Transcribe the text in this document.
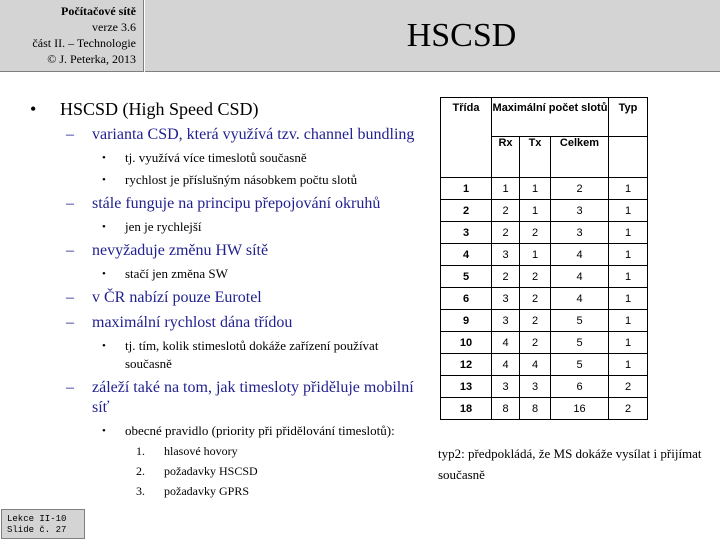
Počítačové sítě
verze 3.6
část II. – Technologie
© J. Peterka, 2013
HSCSD
• HSCSD (High Speed CSD)
– varianta CSD, která využívá tzv. channel bundling
• tj. využívá více timeslotů současně
• rychlost je příslušným násobkem počtu slotů
– stále funguje na principu přepojování okruhů
• jen je rychlejší
– nevyžaduje změnu HW sítě
• stačí jen změna SW
– v ČR nabízí pouze Eurotel
– maximální rychlost dána třídou
• tj. tím, kolik stimeslotů dokáže zařízení používat současně
– záleží také na tom, jak timesloty přiděluje mobilní síť
• obecné pravidlo (priority při přidělování timeslotů):
1. hlasové hovory
2. požadavky HSCSD
3. požadavky GPRS
Třída	Maximální počet slotů			Typ
	Rx	Tx	Celkem	
1	1	1	2	1
2	2	1	3	1
3	2	2	3	1
4	3	1	4	1
5	2	2	4	1
6	3	2	4	1
9	3	2	5	1
10	4	2	5	1
12	4	4	5	1
13	3	3	6	2
18	8	8	16	2
typ2: předpokládá, že MS dokáže vysílat i přijímat současně
Lekce II-10
Slide č. 27
